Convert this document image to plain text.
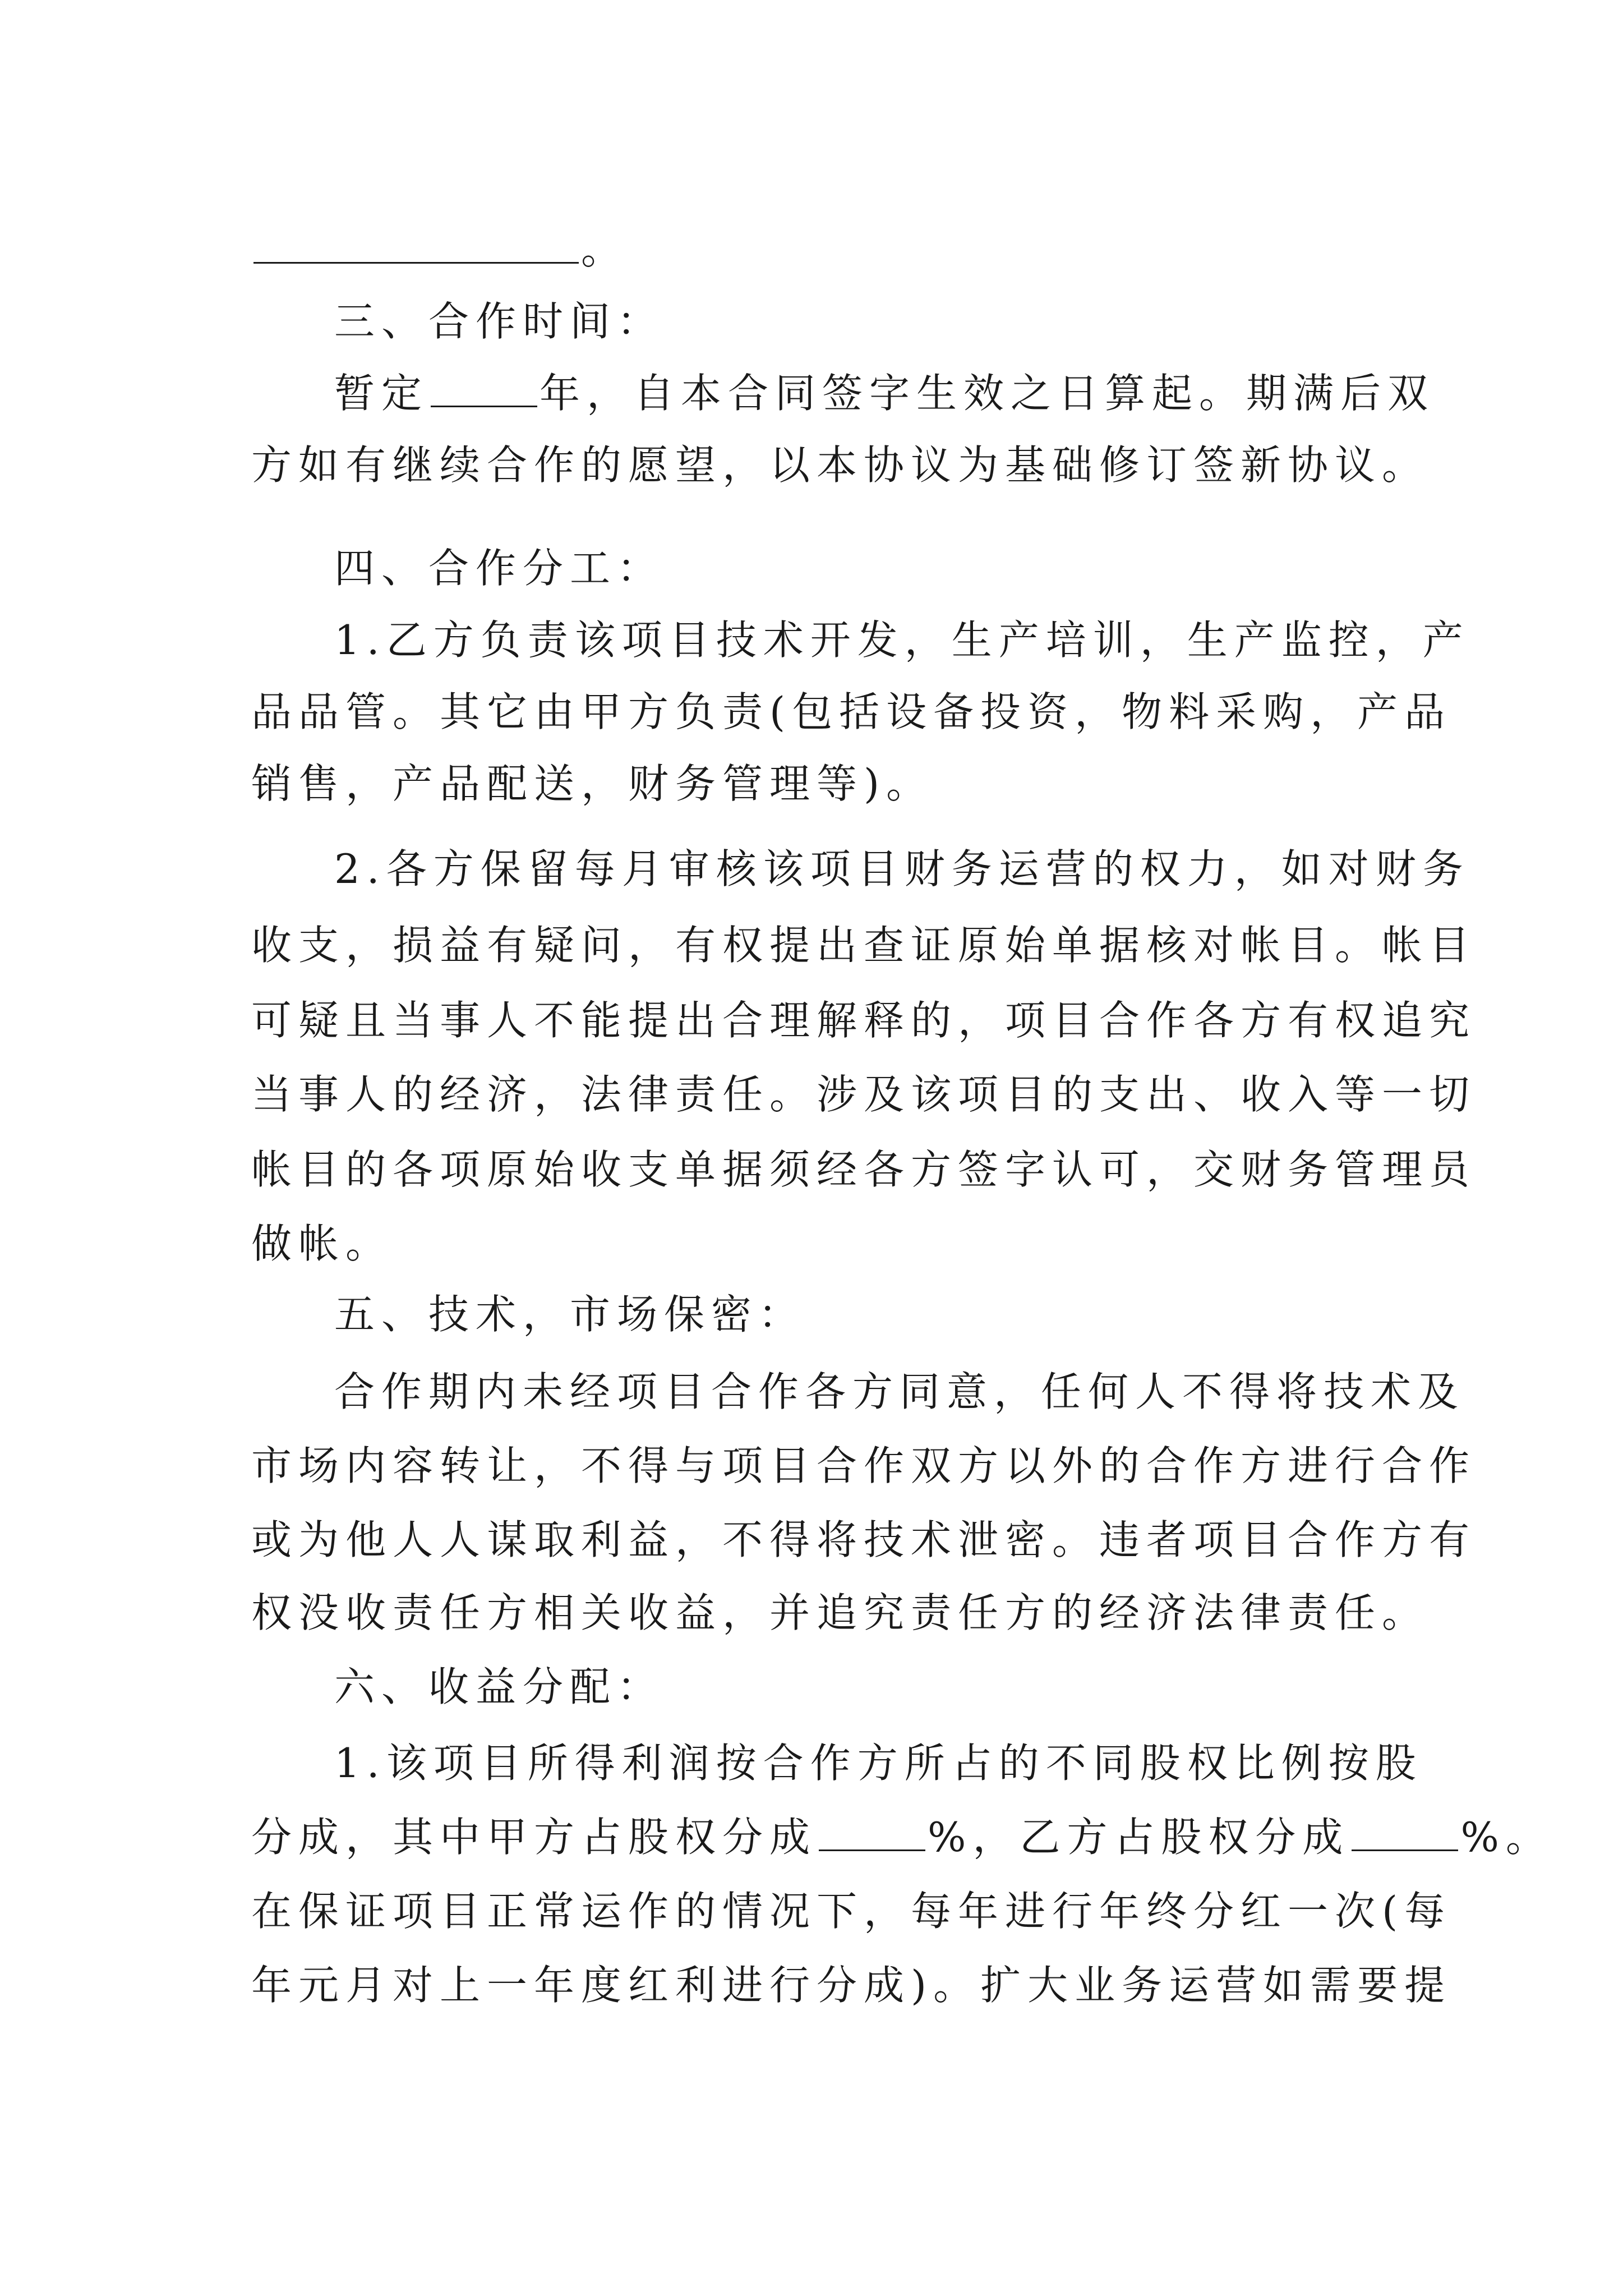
。
三、合作时间：
暂定	年，自本合同签字生效之日算起。期满后双
方如有继续合作的愿望，以本协议为基础修订签新协议。
四、合作分工：
1.乙方负责该项目技术开发，生产培训，生产监控，产
品品管。其它由甲方负责(包括设备投资，物料采购，产品
销售，产品配送，财务管理等)。
2.各方保留每月审核该项目财务运营的权力，如对财务
收支，损益有疑问，有权提出查证原始单据核对帐目。帐目
可疑且当事人不能提出合理解释的，项目合作各方有权追究
当事人的经济，法律责任。涉及该项目的支出、收入等一切
帐目的各项原始收支单据须经各方签字认可，交财务管理员
做帐。
五、技术，市场保密：
合作期内未经项目合作各方同意，任何人不得将技术及
市场内容转让，不得与项目合作双方以外的合作方进行合作
或为他人人谋取利益，不得将技术泄密。违者项目合作方有
权没收责任方相关收益，并追究责任方的经济法律责任。
六、收益分配：
1.该项目所得利润按合作方所占的不同股权比例按股
分成，其中甲方占股权分成	%，乙方占股权分成	%。
在保证项目正常运作的情况下，每年进行年终分红一次(每
年元月对上一年度红利进行分成)。扩大业务运营如需要提
